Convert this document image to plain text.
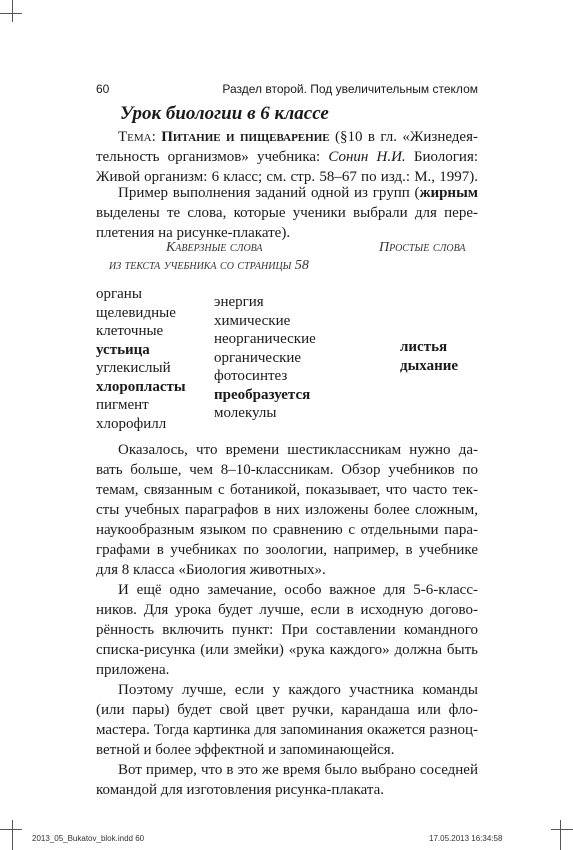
60	Раздел второй. Под увеличительным стеклом
Урок биологии в 6 классе
Тема: Питание и пищеварение (§10 в гл. «Жизнедея-
тельность организмов» учебника: Сонин Н.И. Биология:
Живой организм: 6 класс; см. стр. 58–67 по изд.: М., 1997).
Пример выполнения заданий одной из групп (жирным
выделены те слова, которые ученики выбрали для пере-
плетения на рисунке-плакате).
Каверзные слова
из текста учебника со страницы 58
Простые слова
органы
щелевидные
клеточные
устьица
углекислый
хлоропласты
пигмент
хлорофилл
энергия
химические
неорганические
органические
фотосинтез
преобразуется
молекулы
листья
дыхание
Оказалось, что времени шестиклассникам нужно да-
вать больше, чем 8–10-классникам. Обзор учебников по
темам, связанным с ботаникой, показывает, что часто тек-
сты учебных параграфов в них изложены более сложным,
наукообразным языком по сравнению с отдельными пара-
графами в учебниках по зоологии, например, в учебнике
для 8 класса «Биология животных».
И ещё одно замечание, особо важное для 5-6-класс-
ников. Для урока будет лучше, если в исходную догово-
рённость включить пункт: При составлении командного
списка-рисунка (или змейки) «рука каждого» должна быть
приложена.
Поэтому лучше, если у каждого участника команды
(или пары) будет свой цвет ручки, карандаша или фло-
мастера. Тогда картинка для запоминания окажется разноц-
ветной и более эффектной и запоминающейся.
Вот пример, что в это же время было выбрано соседней
командой для изготовления рисунка-плаката.
2013_05_Bukatov_blok.indd 60	17.05.2013 16:34:58
